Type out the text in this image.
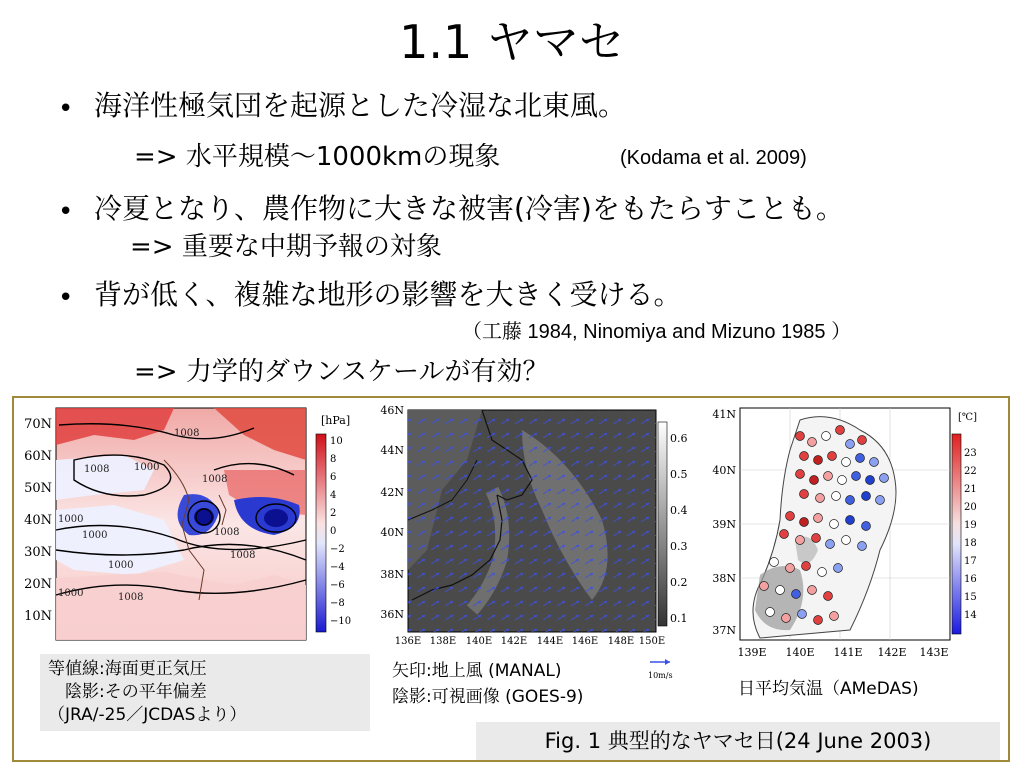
1.1 ヤマセ
• 海洋性極気団を起源とした冷湿な北東風。
=> 水平規模～1000kmの現象	(Kodama et al. 2009)
• 冷夏となり、農作物に大きな被害(冷害)をもたらすことも。
=> 重要な中期予報の対象
• 背が低く、複雑な地形の影響を大きく受ける。
（工藤 1984, Ninomiya and Mizuno 1985 ）
=> 力学的ダウンスケールが有効？
70N
60N
50N
40N
30N
20N
10N
1008
1008 1000
1008
1008
1000
1000
1008
1000
1000
1008
[hPa]
10
8
6
4
2
0
−2
−4
−6
−8
−10
等値線:海面更正気圧
　陰影:その平年偏差
（JRA/-25／JCDASより）
46N
44N
42N
40N
38N
36N
136E 138E 140E 142E 144E 146E 148E 150E
0.6
0.5
0.4
0.3
0.2
0.1
10m/s
矢印:地上風 (MANAL)
陰影:可視画像 (GOES-9)
41N
40N
39N
38N
37N
139E 140E 141E 142E 143E
[℃]
23
22
21
20
19
18
17
16
15
14
日平均気温（AMeDAS)
Fig. 1 典型的なヤマセ日(24 June 2003)
